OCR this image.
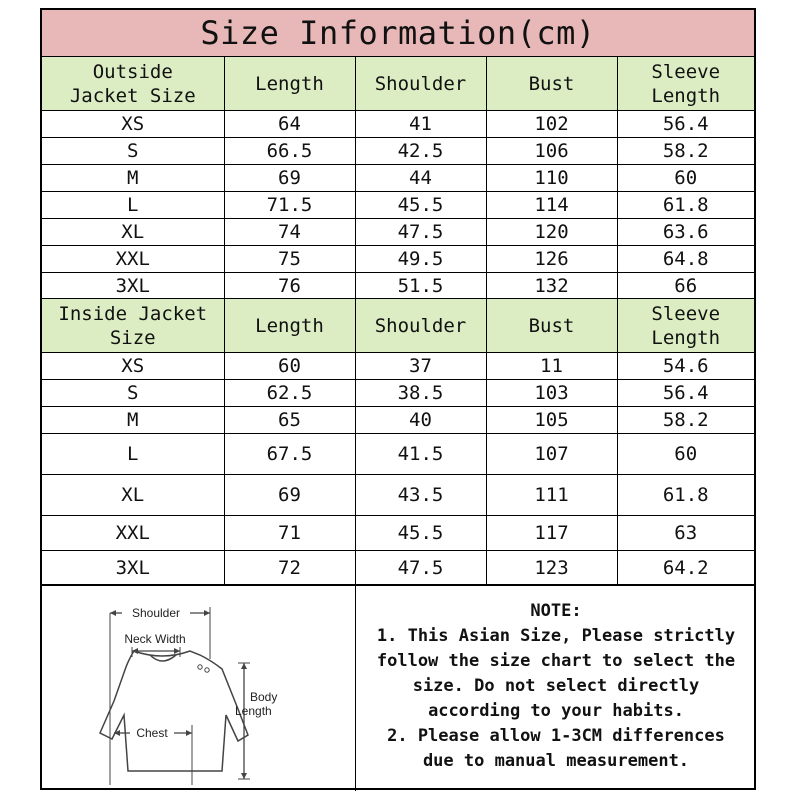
Size Information(cm)
Outside Jacket Size	Length	Shoulder	Bust	Sleeve Length
XS	64	41	102	56.4
S	66.5	42.5	106	58.2
M	69	44	110	60
L	71.5	45.5	114	61.8
XL	74	47.5	120	63.6
XXL	75	49.5	126	64.8
3XL	76	51.5	132	66
Inside Jacket Size	Length	Shoulder	Bust	Sleeve Length
XS	60	37	11	54.6
S	62.5	38.5	103	56.4
M	65	40	105	58.2
L	67.5	41.5	107	60
XL	69	43.5	111	61.8
XXL	71	45.5	117	63
3XL	72	47.5	123	64.2
Shoulder
Neck Width
Chest
Body
Length
NOTE:
1. This Asian Size, Please strictly
follow the size chart to select the
size. Do not select directly
according to your habits.
2. Please allow 1-3CM differences
due to manual measurement.
